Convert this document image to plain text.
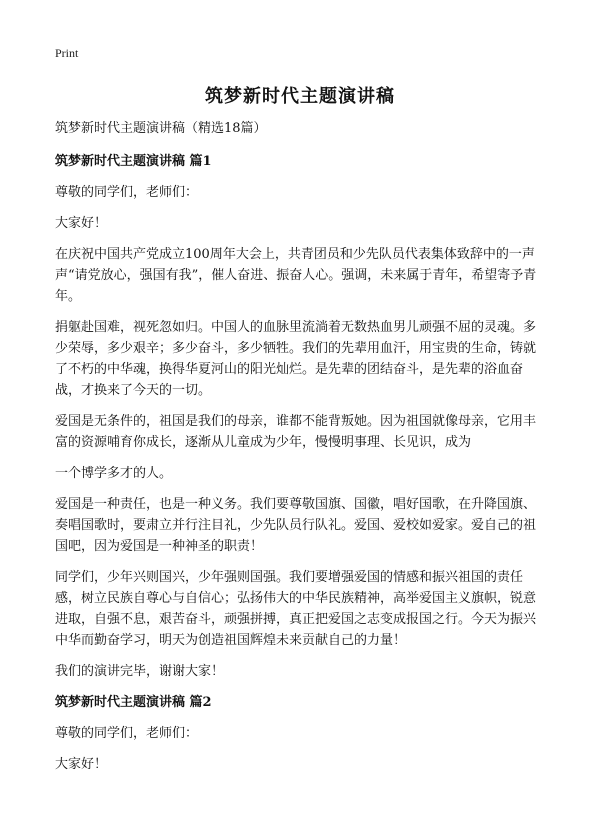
Print
筑梦新时代主题演讲稿

筑梦新时代主题演讲稿（精选18篇）

筑梦新时代主题演讲稿 篇1

尊敬的同学们，老师们：

大家好！

在庆祝中国共产党成立100周年大会上，共青团员和少先队员代表集体致辞中的一声声“请党放心，强国有我”，催人奋进、振奋人心。强调，未来属于青年，希望寄予青年。

捐躯赴国难，视死忽如归。中国人的血脉里流淌着无数热血男儿顽强不屈的灵魂。多少荣辱，多少艰辛；多少奋斗，多少牺牲。我们的先辈用血汗，用宝贵的生命，铸就了不朽的中华魂，换得华夏河山的阳光灿烂。是先辈的团结奋斗，是先辈的浴血奋战，才换来了今天的一切。

爱国是无条件的，祖国是我们的母亲，谁都不能背叛她。因为祖国就像母亲，它用丰富的资源哺育你成长，逐渐从儿童成为少年，慢慢明事理、长见识，成为

一个博学多才的人。

爱国是一种责任，也是一种义务。我们要尊敬国旗、国徽，唱好国歌，在升降国旗、奏唱国歌时，要肃立并行注目礼，少先队员行队礼。爱国、爱校如爱家。爱自己的祖国吧，因为爱国是一种神圣的职责！

同学们，少年兴则国兴，少年强则国强。我们要增强爱国的情感和振兴祖国的责任感，树立民族自尊心与自信心；弘扬伟大的中华民族精神，高举爱国主义旗帜，锐意进取，自强不息，艰苦奋斗，顽强拼搏，真正把爱国之志变成报国之行。今天为振兴中华而勤奋学习，明天为创造祖国辉煌未来贡献自己的力量！

我们的演讲完毕，谢谢大家！

筑梦新时代主题演讲稿 篇2

尊敬的同学们，老师们：

大家好！
